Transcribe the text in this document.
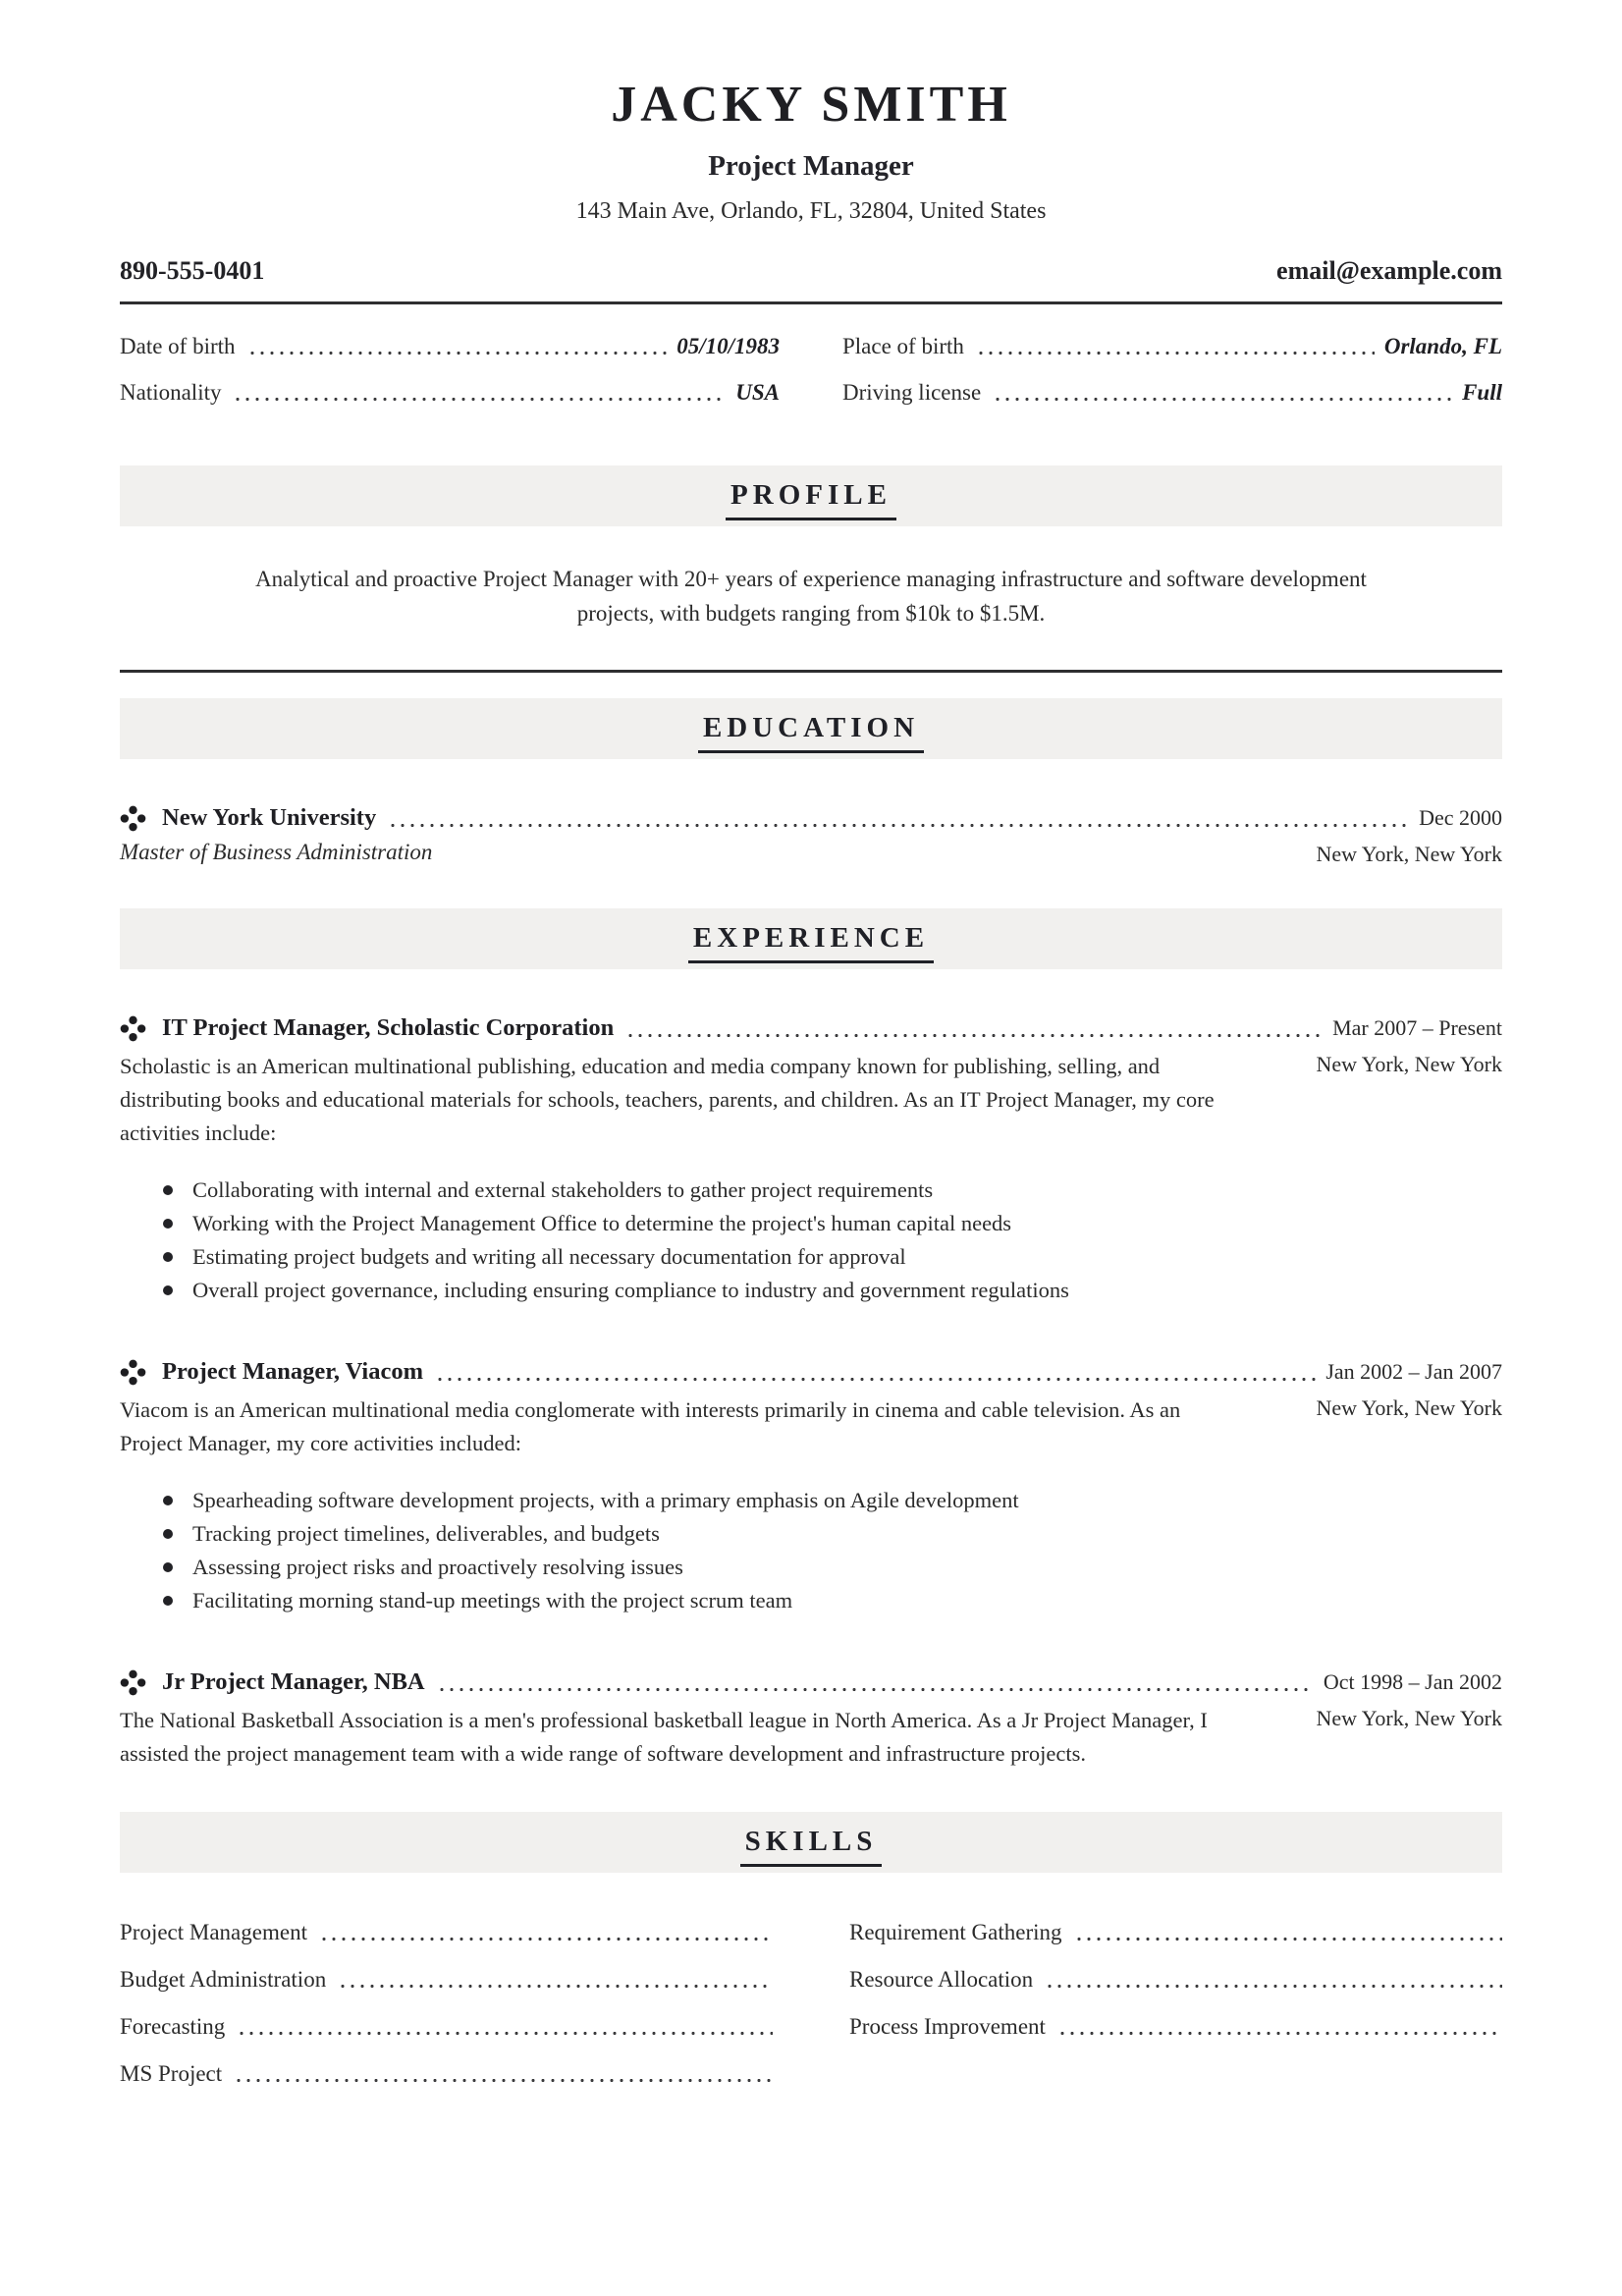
JACKY SMITH
Project Manager
143 Main Ave, Orlando, FL, 32804, United States
890-555-0401	email@example.com
Date of birth	05/10/1983
Nationality	USA
Place of birth	Orlando, FL
Driving license	Full
PROFILE

Analytical and proactive Project Manager with 20+ years of experience managing infrastructure and software development projects, with budgets ranging from $10k to $1.5M.

EDUCATION
New York University	Dec 2000
Master of Business Administration	New York, New York
EXPERIENCE
IT Project Manager, Scholastic Corporation	Mar 2007 – Present
Scholastic is an American multinational publishing, education and media company known for publishing, selling, and distributing books and educational materials for schools, teachers, parents, and children. As an IT Project Manager, my core activities include:
New York, New York
Collaborating with internal and external stakeholders to gather project requirements
Working with the Project Management Office to determine the project's human capital needs
Estimating project budgets and writing all necessary documentation for approval
Overall project governance, including ensuring compliance to industry and government regulations
Project Manager, Viacom	Jan 2002 – Jan 2007
Viacom is an American multinational media conglomerate with interests primarily in cinema and cable television. As an Project Manager, my core activities included:
New York, New York
Spearheading software development projects, with a primary emphasis on Agile development
Tracking project timelines, deliverables, and budgets
Assessing project risks and proactively resolving issues
Facilitating morning stand-up meetings with the project scrum team
Jr Project Manager, NBA	Oct 1998 – Jan 2002
The National Basketball Association is a men's professional basketball league in North America. As a Jr Project Manager, I assisted the project management team with a wide range of software development and infrastructure projects.
New York, New York
SKILLS
Project Management
Budget Administration
Forecasting
MS Project
Requirement Gathering
Resource Allocation
Process Improvement
